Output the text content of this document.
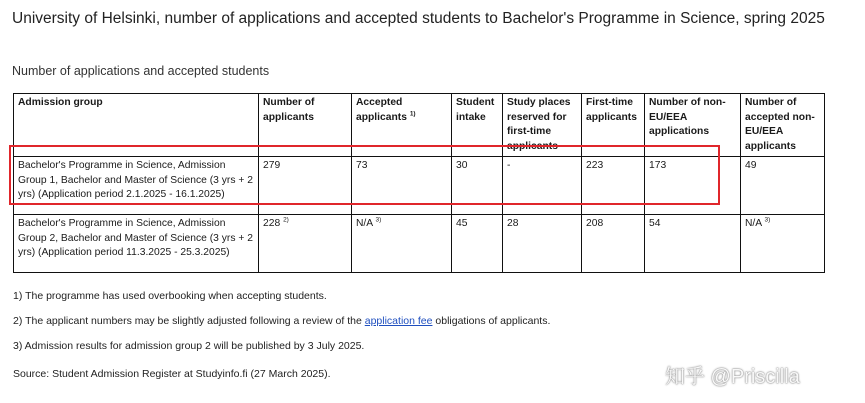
University of Helsinki, number of applications and accepted students to Bachelor's Programme in Science, spring 2025
Number of applications and accepted students
Admission group	Number of applicants	Accepted applicants $^{1)}$	Student intake	Study places reserved for first-time applicants	First-time applicants	Number of non-EU/EEA applications	Number of accepted non-EU/EEA applicants
Bachelor's Programme in Science, Admission Group 1, Bachelor and Master of Science (3 yrs + 2 yrs) (Application period 2.1.2025 - 16.1.2025)	279	73	30	-	223	173	49
Bachelor's Programme in Science, Admission Group 2, Bachelor and Master of Science (3 yrs + 2 yrs) (Application period 11.3.2025 - 25.3.2025)	228 $^{2)}$	N/A $^{3)}$	45	28	208	54	N/A $^{3)}$
1) The programme has used overbooking when accepting students.
2) The applicant numbers may be slightly adjusted following a review of the application fee obligations of applicants.
3) Admission results for admission group 2 will be published by 3 July 2025.
Source: Student Admission Register at Studyinfo.fi (27 March 2025).	知乎 @Priscilla
